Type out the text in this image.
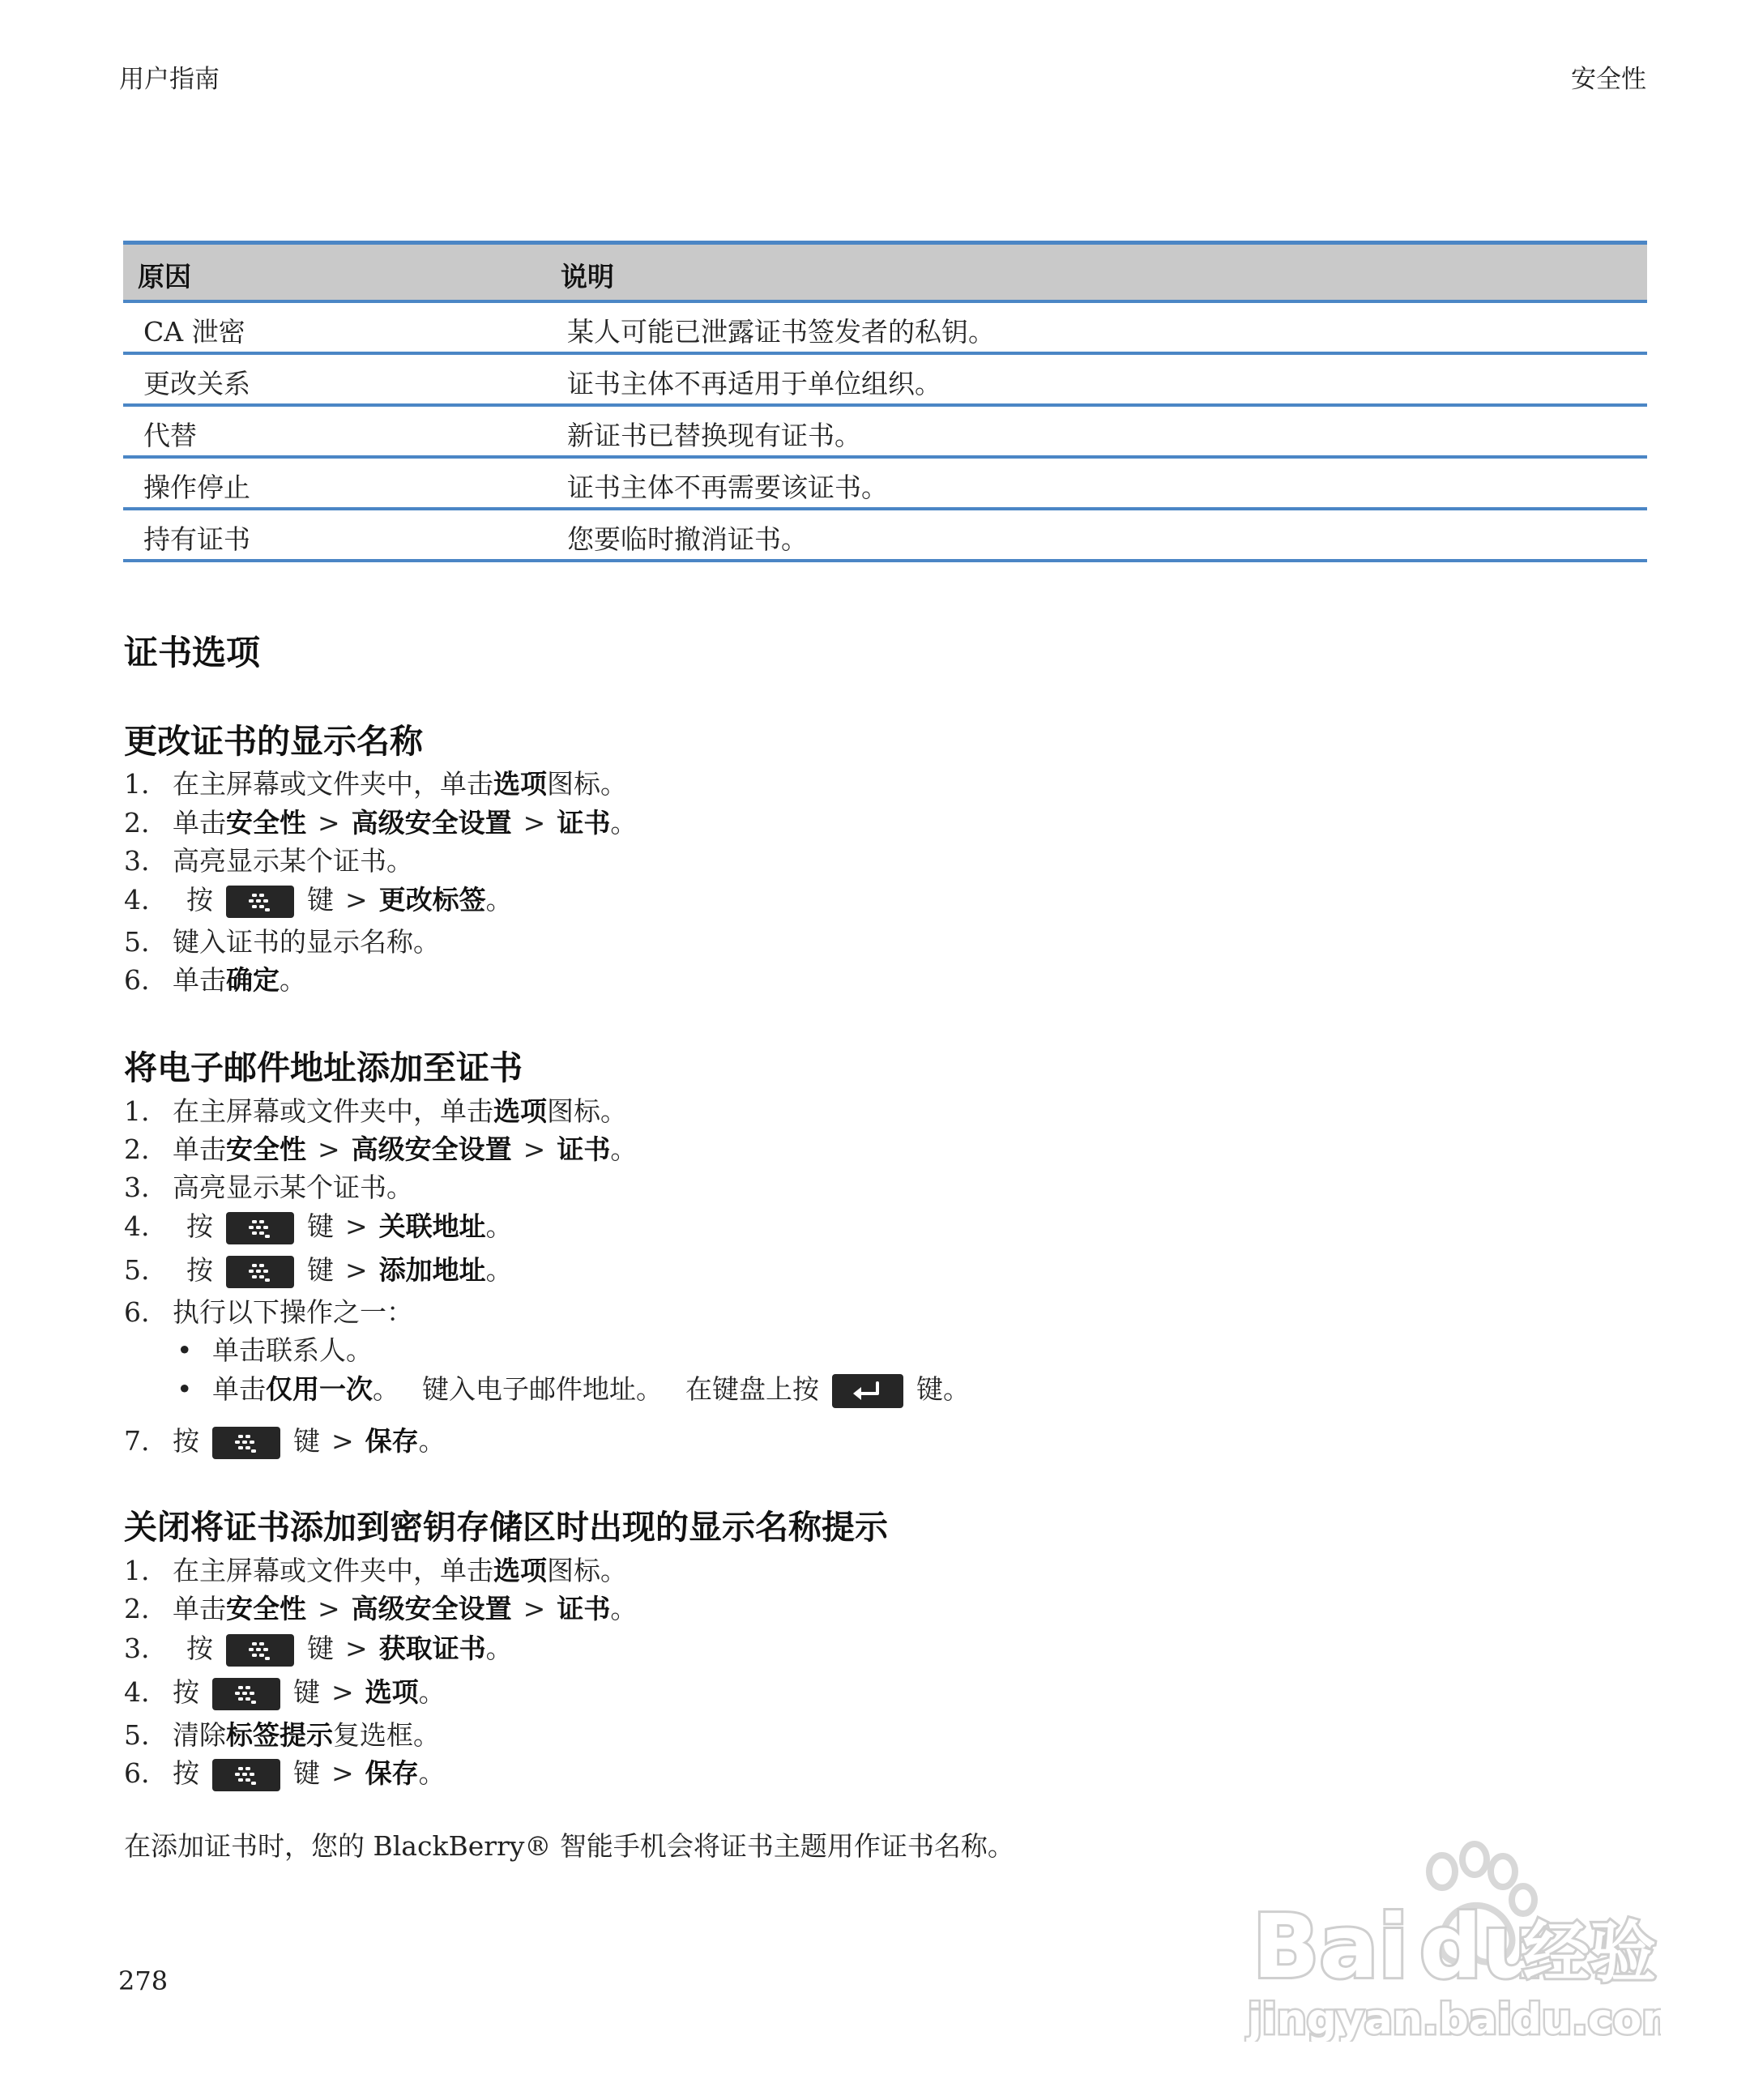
用户指南	安全性
原因	说明
CA 泄密	某人可能已泄露证书签发者的私钥。
更改关系	证书主体不再适用于单位组织。
代替	新证书已替换现有证书。
操作停止	证书主体不再需要该证书。
持有证书	您要临时撤消证书。
证书选项
更改证书的显示名称
1. 在主屏幕或文件夹中，单击选项图标。
2. 单击安全性 > 高级安全设置 > 证书。
3. 高亮显示某个证书。
4. 按	键 > 更改标签。
5. 键入证书的显示名称。
6. 单击确定。
将电子邮件地址添加至证书
1. 在主屏幕或文件夹中，单击选项图标。
2. 单击安全性 > 高级安全设置 > 证书。
3. 高亮显示某个证书。
4. 按	键 > 关联地址。
5. 按	键 > 添加地址。
6. 执行以下操作之一：
• 单击联系人。
• 单击仅用一次。 键入电子邮件地址。 在键盘上按	键。
7. 按	键 > 保存。
关闭将证书添加到密钥存储区时出现的显示名称提示
1. 在主屏幕或文件夹中，单击选项图标。
2. 单击安全性 > 高级安全设置 > 证书。
3. 按	键 > 获取证书。
4. 按	键 > 选项。
5. 清除标签提示复选框。
6. 按	键 > 保存。
在添加证书时，您的 BlackBerry® 智能手机会将证书主题用作证书名称。
278	Bai du
经验
jingyan.baidu.com
